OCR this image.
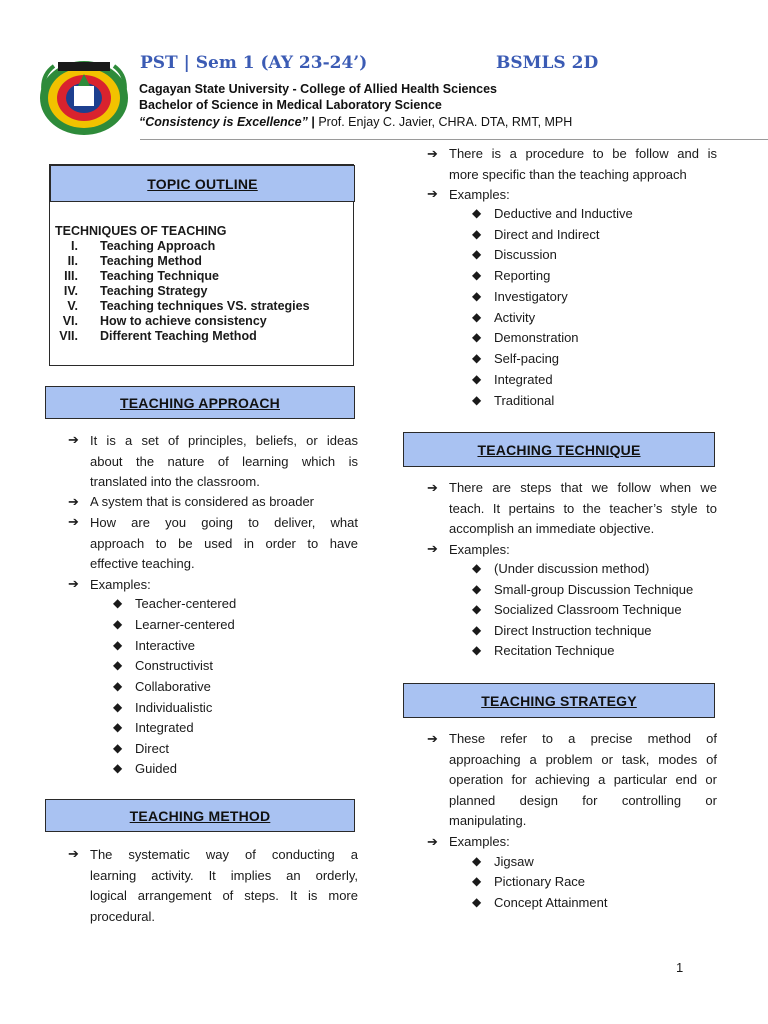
PST | Sem 1 (AY 23-24’)	BSMLS 2D
Cagayan State University - College of Allied Health Sciences
Bachelor of Science in Medical Laboratory Science
“Consistency is Excellence” | Prof. Enjay C. Javier, CHRA. DTA, RMT, MPH
TOPIC OUTLINE
TECHNIQUES OF TEACHING
I. Teaching Approach
II. Teaching Method
III. Teaching Technique
IV. Teaching Strategy
V. Teaching techniques VS. strategies
VI. How to achieve consistency
VII. Different Teaching Method
TEACHING APPROACH
➔ It is a set of principles, beliefs, or ideas
about the nature of learning which is
translated into the classroom.
➔ A system that is considered as broader
➔ How are you going to deliver, what
approach to be used in order to have
effective teaching.
➔ Examples:
◆ Teacher-centered
◆ Learner-centered
◆ Interactive
◆ Constructivist
◆ Collaborative
◆ Individualistic
◆ Integrated
◆ Direct
◆ Guided
TEACHING METHOD
➔ The systematic way of conducting a
learning activity. It implies an orderly,
logical arrangement of steps. It is more
procedural.
➔ There is a procedure to be follow and is
more specific than the teaching approach
➔ Examples:
◆ Deductive and Inductive
◆ Direct and Indirect
◆ Discussion
◆ Reporting
◆ Investigatory
◆ Activity
◆ Demonstration
◆ Self-pacing
◆ Integrated
◆ Traditional
TEACHING TECHNIQUE
➔ There are steps that we follow when we
teach. It pertains to the teacher’s style to
accomplish an immediate objective.
➔ Examples:
◆ (Under discussion method)
◆ Small-group Discussion Technique
◆ Socialized Classroom Technique
◆ Direct Instruction technique
◆ Recitation Technique
TEACHING STRATEGY
➔ These refer to a precise method of
approaching a problem or task, modes of
operation for achieving a particular end or
planned design for controlling or
manipulating.
➔ Examples:
◆ Jigsaw
◆ Pictionary Race
◆ Concept Attainment
1
